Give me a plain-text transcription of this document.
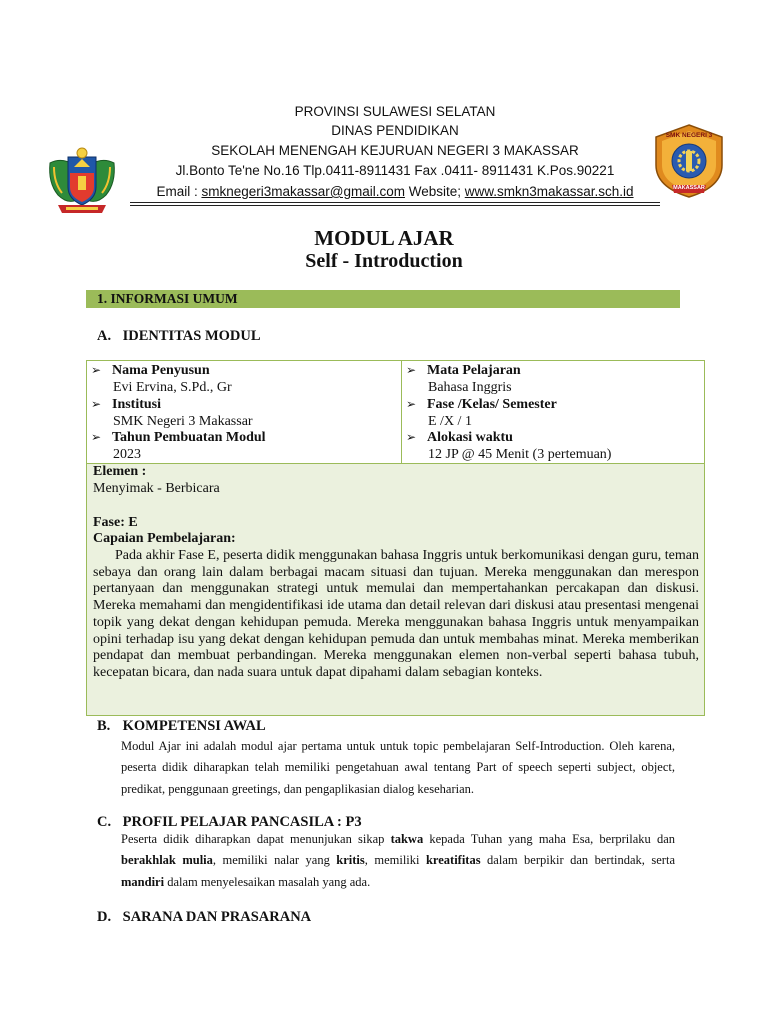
SMK NEGERI 3
MAKASSAR
PROVINSI SULAWESI SELATAN
DINAS PENDIDIKAN
SEKOLAH MENENGAH KEJURUAN NEGERI 3 MAKASSAR
Jl.Bonto Te'ne No.16 Tlp.0411-8911431 Fax .0411- 8911431 K.Pos.90221
Email : smknegeri3makassar@gmail.com Website; www.smkn3makassar.sch.id
MODUL AJAR
Self - Introduction
1. INFORMASI UMUM
A. IDENTITAS MODUL
➢ Nama Penyusun
Evi Ervina, S.Pd., Gr
➢ Institusi
SMK Negeri 3 Makassar
➢ Tahun Pembuatan Modul
2023
➢ Mata Pelajaran
Bahasa Inggris
➢ Fase /Kelas/ Semester
E /X / 1
➢ Alokasi waktu
12 JP @ 45 Menit (3 pertemuan)
Elemen :
Menyimak - Berbicara
Fase: E
Capaian Pembelajaran:
Pada akhir Fase E, peserta didik menggunakan bahasa Inggris untuk berkomunikasi dengan guru, teman sebaya dan orang lain dalam berbagai macam situasi dan tujuan. Mereka menggunakan dan merespon pertanyaan dan menggunakan strategi untuk memulai dan mempertahankan percakapan dan diskusi. Mereka memahami dan mengidentifikasi ide utama dan detail relevan dari diskusi atau presentasi mengenai topik yang dekat dengan kehidupan pemuda. Mereka menggunakan bahasa Inggris untuk menyampaikan opini terhadap isu yang dekat dengan kehidupan pemuda dan untuk membahas minat. Mereka memberikan pendapat dan membuat perbandingan. Mereka menggunakan elemen non-verbal seperti bahasa tubuh, kecepatan bicara, dan nada suara untuk dapat dipahami dalam sebagian konteks.
B. KOMPETENSI AWAL
Modul Ajar ini adalah modul ajar pertama untuk untuk topic pembelajaran Self-Introduction. Oleh karena, peserta didik diharapkan telah memiliki pengetahuan awal tentang Part of speech seperti subject, object, predikat, penggunaan greetings, dan pengaplikasian dialog keseharian.
C. PROFIL PELAJAR PANCASILA : P3
Peserta didik diharapkan dapat menunjukan sikap takwa kepada Tuhan yang maha Esa, berprilaku dan berakhlak mulia, memiliki nalar yang kritis, memiliki kreatifitas dalam berpikir dan bertindak, serta mandiri dalam menyelesaikan masalah yang ada.
D. SARANA DAN PRASARANA
